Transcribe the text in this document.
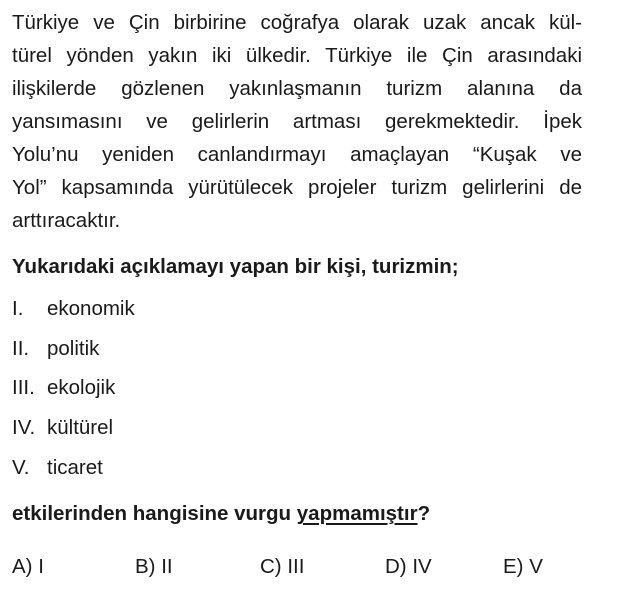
Türkiye ve Çin birbirine coğrafya olarak uzak ancak kül-
türel yönden yakın iki ülkedir. Türkiye ile Çin arasındaki
ilişkilerde gözlenen yakınlaşmanın turizm alanına da
yansımasını ve gelirlerin artması gerekmektedir. İpek
Yolu’nu yeniden canlandırmayı amaçlayan “Kuşak ve
Yol” kapsamında yürütülecek projeler turizm gelirlerini de
arttıracaktır.
Yukarıdaki açıklamayı yapan bir kişi, turizmin;
I. ekonomik
II. politik
III. ekolojik
IV. kültürel
V. ticaret
etkilerinden hangisine vurgu yapmamıştır?
A) I	B) II	C) III	D) IV	E) V
